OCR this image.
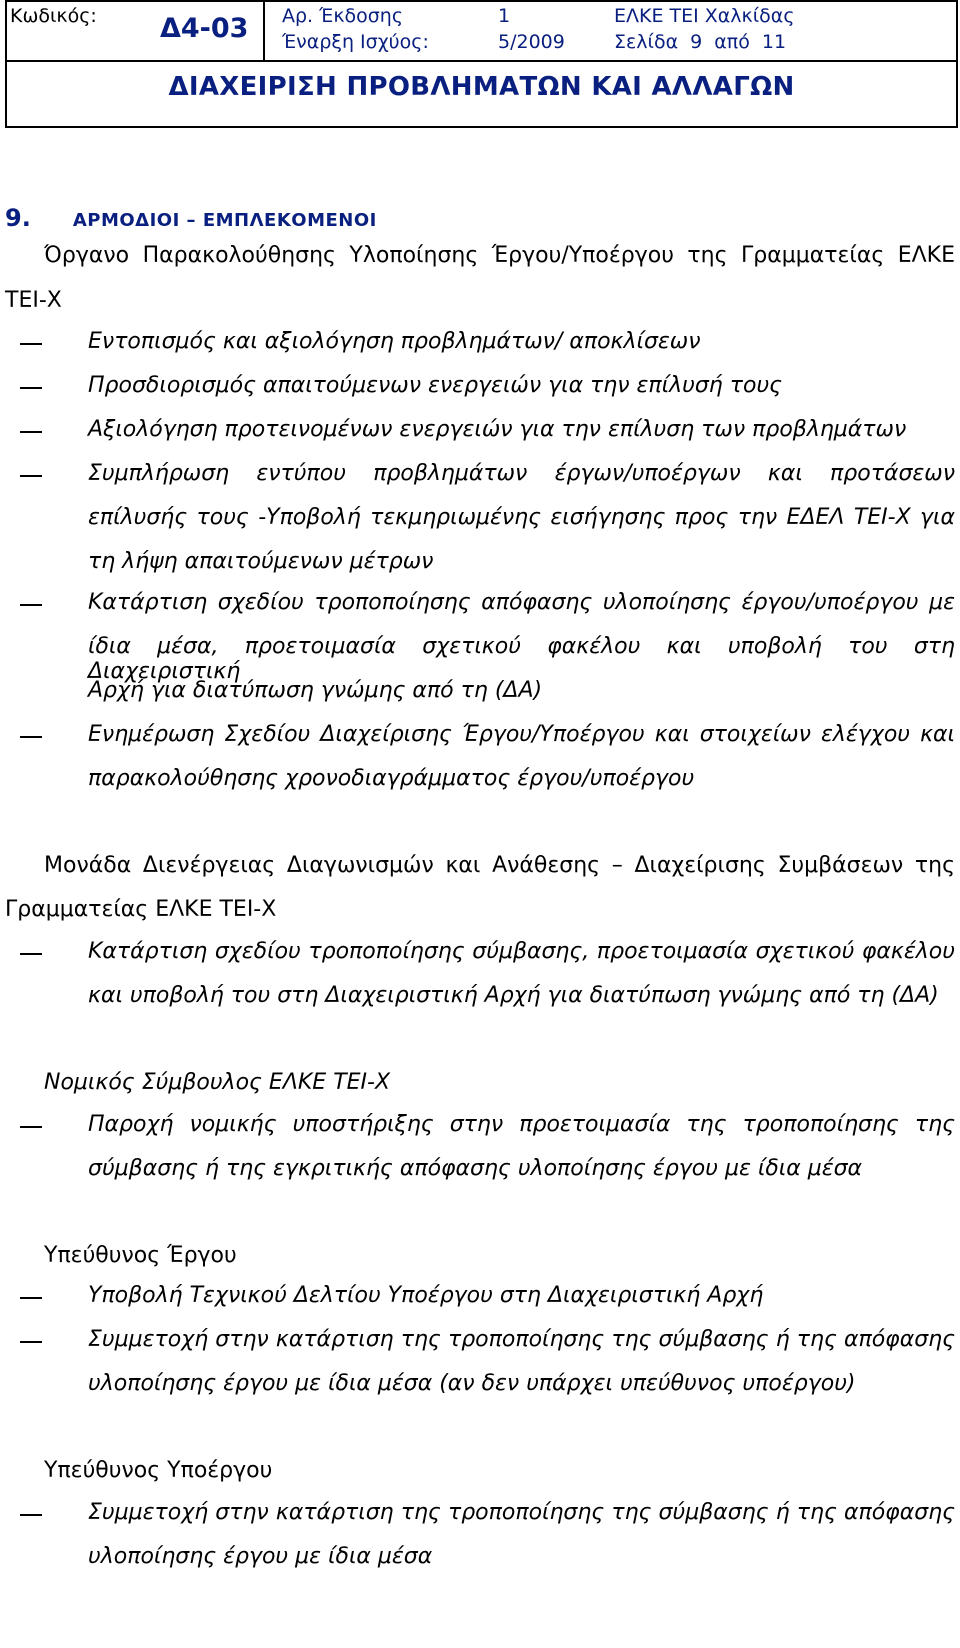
ΔΙΑΧΕΙΡΙΣΗ ΠΡΟΒΛΗΜΑΤΩΝ ΚΑΙ ΑΛΛΑΓΩΝ
Κωδικός: Δ4-03 Αρ. Έκδοσης	1	ΕΛΚΕ ΤΕΙ Χαλκίδας
Έναρξη Ισχύος:	5/2009	Σελίδα 9 από 11
9. ΑΡΜΟΔΙΟΙ – ΕΜΠΛΕΚΟΜΕΝΟΙ
Όργανο Παρακολούθησης Υλοποίησης Έργου/Υποέργου της Γραμματείας ΕΛΚΕ
ΤΕΙ-Χ
Εντοπισμός και αξιολόγηση προβλημάτων/ αποκλίσεων
Προσδιορισμός απαιτούμενων ενεργειών για την επίλυσή τους
Αξιολόγηση προτεινομένων ενεργειών για την επίλυση των προβλημάτων
Συμπλήρωση εντύπου προβλημάτων έργων/υποέργων και προτάσεων
επίλυσής τους -Υποβολή τεκμηριωμένης εισήγησης προς την ΕΔΕΛ ΤΕΙ-Χ για
τη λήψη απαιτούμενων μέτρων
Κατάρτιση σχεδίου τροποποίησης απόφασης υλοποίησης έργου/υποέργου με
ίδια μέσα, προετοιμασία σχετικού φακέλου και υποβολή του στη Διαχειριστική
Αρχή για διατύπωση γνώμης από τη (ΔΑ)
Ενημέρωση Σχεδίου Διαχείρισης Έργου/Υποέργου και στοιχείων ελέγχου και
παρακολούθησης χρονοδιαγράμματος έργου/υποέργου
Μονάδα Διενέργειας Διαγωνισμών και Ανάθεσης – Διαχείρισης Συμβάσεων της
Γραμματείας ΕΛΚΕ ΤΕΙ-Χ
Κατάρτιση σχεδίου τροποποίησης σύμβασης, προετοιμασία σχετικού φακέλου
και υποβολή του στη Διαχειριστική Αρχή για διατύπωση γνώμης από τη (ΔΑ)
Νομικός Σύμβουλος ΕΛΚΕ ΤΕΙ-Χ
Παροχή νομικής υποστήριξης στην προετοιμασία της τροποποίησης της
σύμβασης ή της εγκριτικής απόφασης υλοποίησης έργου με ίδια μέσα
Υπεύθυνος Έργου
Υποβολή Τεχνικού Δελτίου Υποέργου στη Διαχειριστική Αρχή
Συμμετοχή στην κατάρτιση της τροποποίησης της σύμβασης ή της απόφασης
υλοποίησης έργου με ίδια μέσα (αν δεν υπάρχει υπεύθυνος υποέργου)
Υπεύθυνος Υποέργου
Συμμετοχή στην κατάρτιση της τροποποίησης της σύμβασης ή της απόφασης
υλοποίησης έργου με ίδια μέσα
